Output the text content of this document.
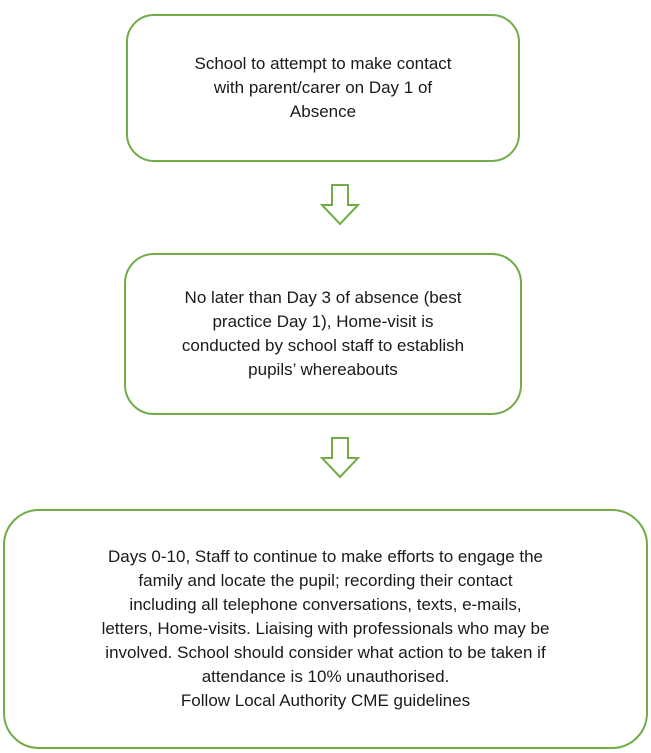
School to attempt to make contact
with parent/carer on Day 1 of
Absence
No later than Day 3 of absence (best
practice Day 1), Home-visit is
conducted by school staff to establish
pupils’ whereabouts
Days 0-10, Staff to continue to make efforts to engage the
family and locate the pupil; recording their contact
including all telephone conversations, texts, e-mails,
letters, Home-visits. Liaising with professionals who may be
involved. School should consider what action to be taken if
attendance is 10% unauthorised.
Follow Local Authority CME guidelines
